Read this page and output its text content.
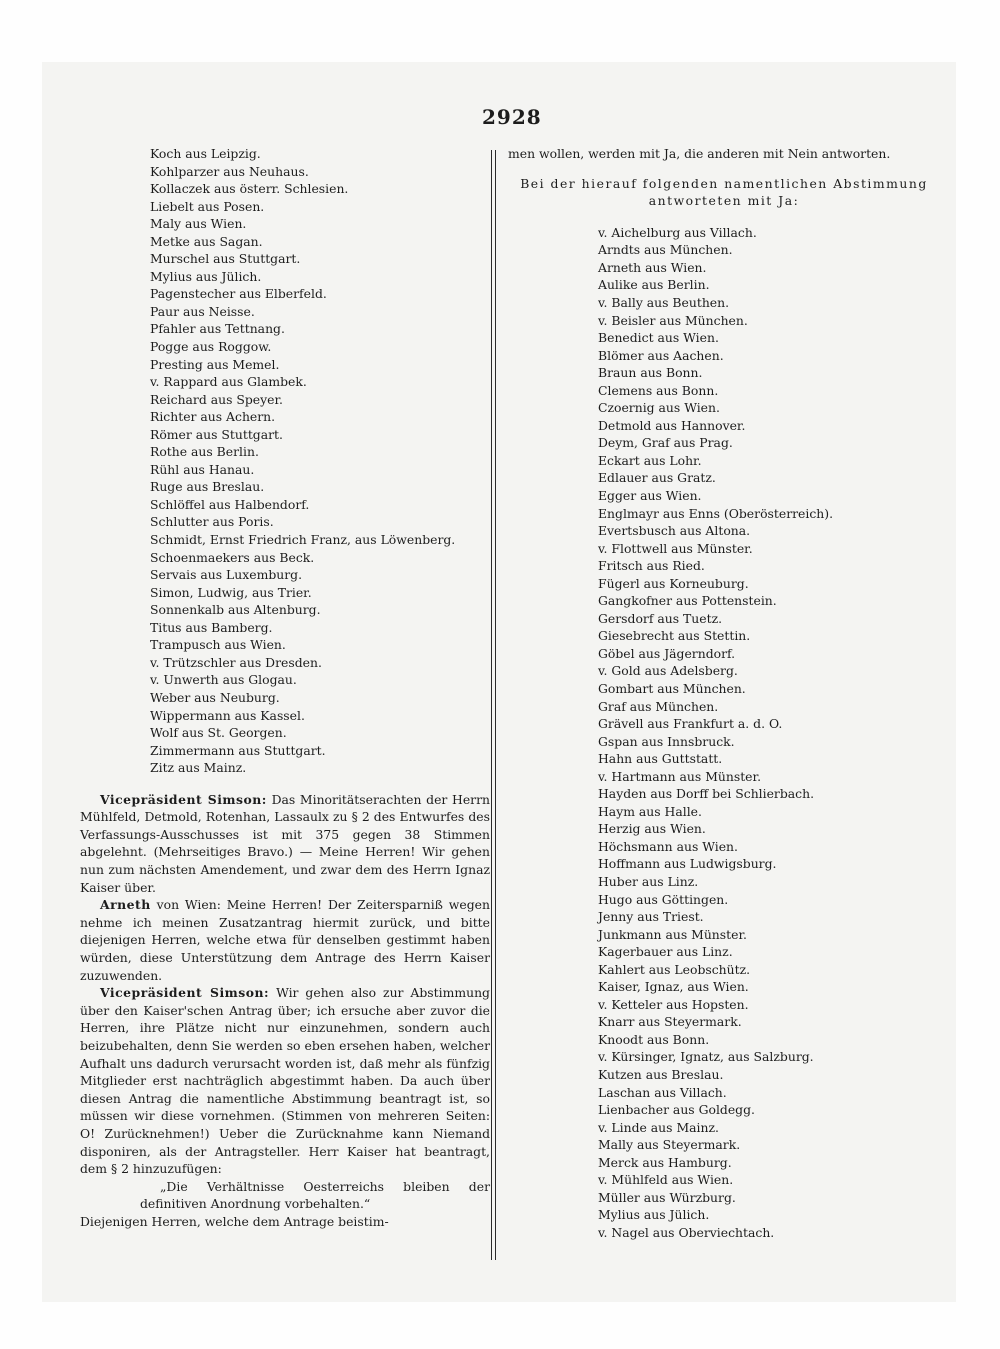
2928
Koch aus Leipzig.
Kohlparzer aus Neuhaus.
Kollaczek aus österr. Schlesien.
Liebelt aus Posen.
Maly aus Wien.
Metke aus Sagan.
Murschel aus Stuttgart.
Mylius aus Jülich.
Pagenstecher aus Elberfeld.
Paur aus Neisse.
Pfahler aus Tettnang.
Pogge aus Roggow.
Presting aus Memel.
v. Rappard aus Glambek.
Reichard aus Speyer.
Richter aus Achern.
Römer aus Stuttgart.
Rothe aus Berlin.
Rühl aus Hanau.
Ruge aus Breslau.
Schlöffel aus Halbendorf.
Schlutter aus Poris.
Schmidt, Ernst Friedrich Franz, aus Löwenberg.
Schoenmaekers aus Beck.
Servais aus Luxemburg.
Simon, Ludwig, aus Trier.
Sonnenkalb aus Altenburg.
Titus aus Bamberg.
Trampusch aus Wien.
v. Trützschler aus Dresden.
v. Unwerth aus Glogau.
Weber aus Neuburg.
Wippermann aus Kassel.
Wolf aus St. Georgen.
Zimmermann aus Stuttgart.
Zitz aus Mainz.

Vicepräsident Simson: Das Minoritätserachten der Herrn Mühlfeld, Detmold, Rotenhan, Lassaulx zu § 2 des Entwurfes des Verfassungs-Ausschusses ist mit 375 gegen 38 Stimmen abgelehnt. (Mehrseitiges Bravo.) — Meine Herren! Wir gehen nun zum nächsten Amendement, und zwar dem des Herrn Ignaz Kaiser über.

Arneth von Wien: Meine Herren! Der Zeitersparniß wegen nehme ich meinen Zusatzantrag hiermit zurück, und bitte diejenigen Herren, welche etwa für denselben gestimmt haben würden, diese Unterstützung dem Antrage des Herrn Kaiser zuzuwenden.

Vicepräsident Simson: Wir gehen also zur Abstimmung über den Kaiser'schen Antrag über; ich ersuche aber zuvor die Herren, ihre Plätze nicht nur einzunehmen, sondern auch beizubehalten, denn Sie werden so eben ersehen haben, welcher Aufhalt uns dadurch verursacht worden ist, daß mehr als fünfzig Mitglieder erst nachträglich abgestimmt haben. Da auch über diesen Antrag die namentliche Abstimmung beantragt ist, so müssen wir diese vornehmen. (Stimmen von mehreren Seiten: O! Zurücknehmen!) Ueber die Zurücknahme kann Niemand disponiren, als der Antragsteller. Herr Kaiser hat beantragt, dem § 2 hinzuzufügen:

„Die Verhältnisse Oesterreichs bleiben der definitiven Anordnung vorbehalten.“

Diejenigen Herren, welche dem Antrage beistim-

men wollen, werden mit Ja, die anderen mit Nein antworten.

Bei der hierauf folgenden namentlichen Abstimmung antworteten mit Ja:
v. Aichelburg aus Villach.
Arndts aus München.
Arneth aus Wien.
Aulike aus Berlin.
v. Bally aus Beuthen.
v. Beisler aus München.
Benedict aus Wien.
Blömer aus Aachen.
Braun aus Bonn.
Clemens aus Bonn.
Czoernig aus Wien.
Detmold aus Hannover.
Deym, Graf aus Prag.
Eckart aus Lohr.
Edlauer aus Gratz.
Egger aus Wien.
Englmayr aus Enns (Oberösterreich).
Evertsbusch aus Altona.
v. Flottwell aus Münster.
Fritsch aus Ried.
Fügerl aus Korneuburg.
Gangkofner aus Pottenstein.
Gersdorf aus Tuetz.
Giesebrecht aus Stettin.
Göbel aus Jägerndorf.
v. Gold aus Adelsberg.
Gombart aus München.
Graf aus München.
Grävell aus Frankfurt a. d. O.
Gspan aus Innsbruck.
Hahn aus Guttstatt.
v. Hartmann aus Münster.
Hayden aus Dorff bei Schlierbach.
Haym aus Halle.
Herzig aus Wien.
Höchsmann aus Wien.
Hoffmann aus Ludwigsburg.
Huber aus Linz.
Hugo aus Göttingen.
Jenny aus Triest.
Junkmann aus Münster.
Kagerbauer aus Linz.
Kahlert aus Leobschütz.
Kaiser, Ignaz, aus Wien.
v. Ketteler aus Hopsten.
Knarr aus Steyermark.
Knoodt aus Bonn.
v. Kürsinger, Ignatz, aus Salzburg.
Kutzen aus Breslau.
Laschan aus Villach.
Lienbacher aus Goldegg.
v. Linde aus Mainz.
Mally aus Steyermark.
Merck aus Hamburg.
v. Mühlfeld aus Wien.
Müller aus Würzburg.
Mylius aus Jülich.
v. Nagel aus Oberviechtach.
